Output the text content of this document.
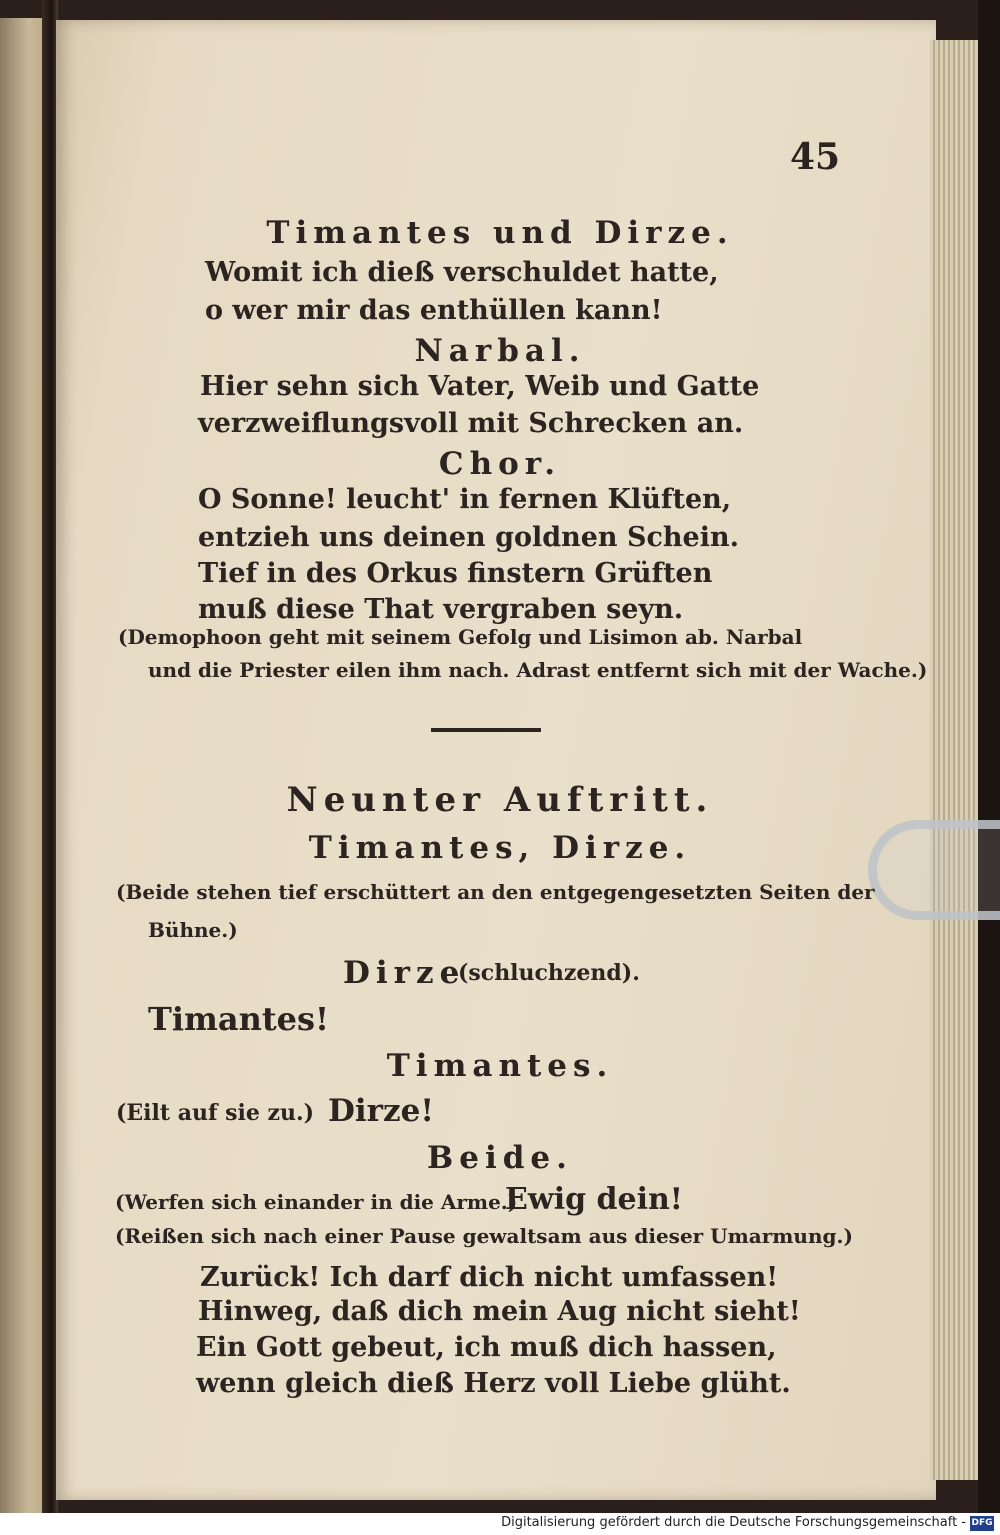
45
Timantes und Dirze.
Womit ich dieß verschuldet hatte,
o wer mir das enthüllen kann!
Narbal.
Hier sehn sich Vater, Weib und Gatte
verzweiflungsvoll mit Schrecken an.
Chor.
O Sonne! leucht' in fernen Klüften,
entzieh uns deinen goldnen Schein.
Tief in des Orkus finstern Grüften
muß diese That vergraben seyn.
(Demophoon geht mit seinem Gefolg und Lisimon ab. Narbal
und die Priester eilen ihm nach. Adrast entfernt sich mit der Wache.)
Neunter Auftritt.
Timantes, Dirze.
(Beide stehen tief erschüttert an den entgegengesetzten Seiten der
Bühne.)
Dirze
(schluchzend).
Timantes!
Timantes.
(Eilt auf sie zu.) Dirze!
Beide.
(Werfen sich einander in die Arme.)
Ewig dein!
(Reißen sich nach einer Pause gewaltsam aus dieser Umarmung.)
Zurück! Ich darf dich nicht umfassen!
Hinweg, daß dich mein Aug nicht sieht!
Ein Gott gebeut, ich muß dich hassen,
wenn gleich dieß Herz voll Liebe glüht.
Digitalisierung gefördert durch die Deutsche Forschungsgemeinschaft - DFG
